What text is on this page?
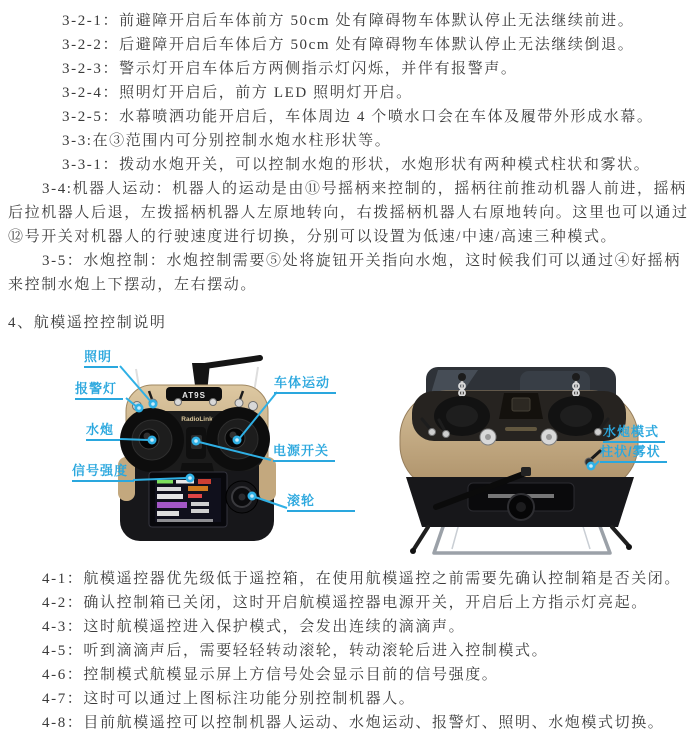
3-2-1：前避障开启后车体前方 50cm 处有障碍物车体默认停止无法继续前进。

3-2-2：后避障开启后车体后方 50cm 处有障碍物车体默认停止无法继续倒退。

3-2-3：警示灯开启车体后方两侧指示灯闪烁，并伴有报警声。

3-2-4：照明灯开启后，前方 LED 照明灯开启。

3-2-5：水幕喷洒功能开启后，车体周边 4 个喷水口会在车体及履带外形成水幕。

3-3:在③范围内可分别控制水炮水柱形状等。

3-3-1：拨动水炮开关，可以控制水炮的形状，水炮形状有两种模式柱状和雾状。

3-4:机器人运动：机器人的运动是由⑪号摇柄来控制的，摇柄往前推动机器人前进，摇柄后拉机器人后退，左拨摇柄机器人左原地转向，右拨摇柄机器人右原地转向。这里也可以通过⑫号开关对机器人的行驶速度进行切换，分别可以设置为低速/中速/高速三种模式。

3-5：水炮控制：水炮控制需要⑤处将旋钮开关指向水炮，这时候我们可以通过④好摇柄来控制水炮上下摆动，左右摆动。

4、航模遥控控制说明

AT9S
RadioLink
照明
报警灯
水炮
信号强度
车体运动
电源开关
滚轮
水炮模式
柱状/雾状

4-1：航模遥控器优先级低于遥控箱，在使用航模遥控之前需要先确认控制箱是否关闭。

4-2：确认控制箱已关闭，这时开启航模遥控器电源开关，开启后上方指示灯亮起。

4-3：这时航模遥控进入保护模式，会发出连续的滴滴声。

4-5：听到滴滴声后，需要轻轻转动滚轮，转动滚轮后进入控制模式。

4-6：控制模式航模显示屏上方信号处会显示目前的信号强度。

4-7：这时可以通过上图标注功能分别控制机器人。

4-8：目前航模遥控可以控制机器人运动、水炮运动、报警灯、照明、水炮模式切换。
